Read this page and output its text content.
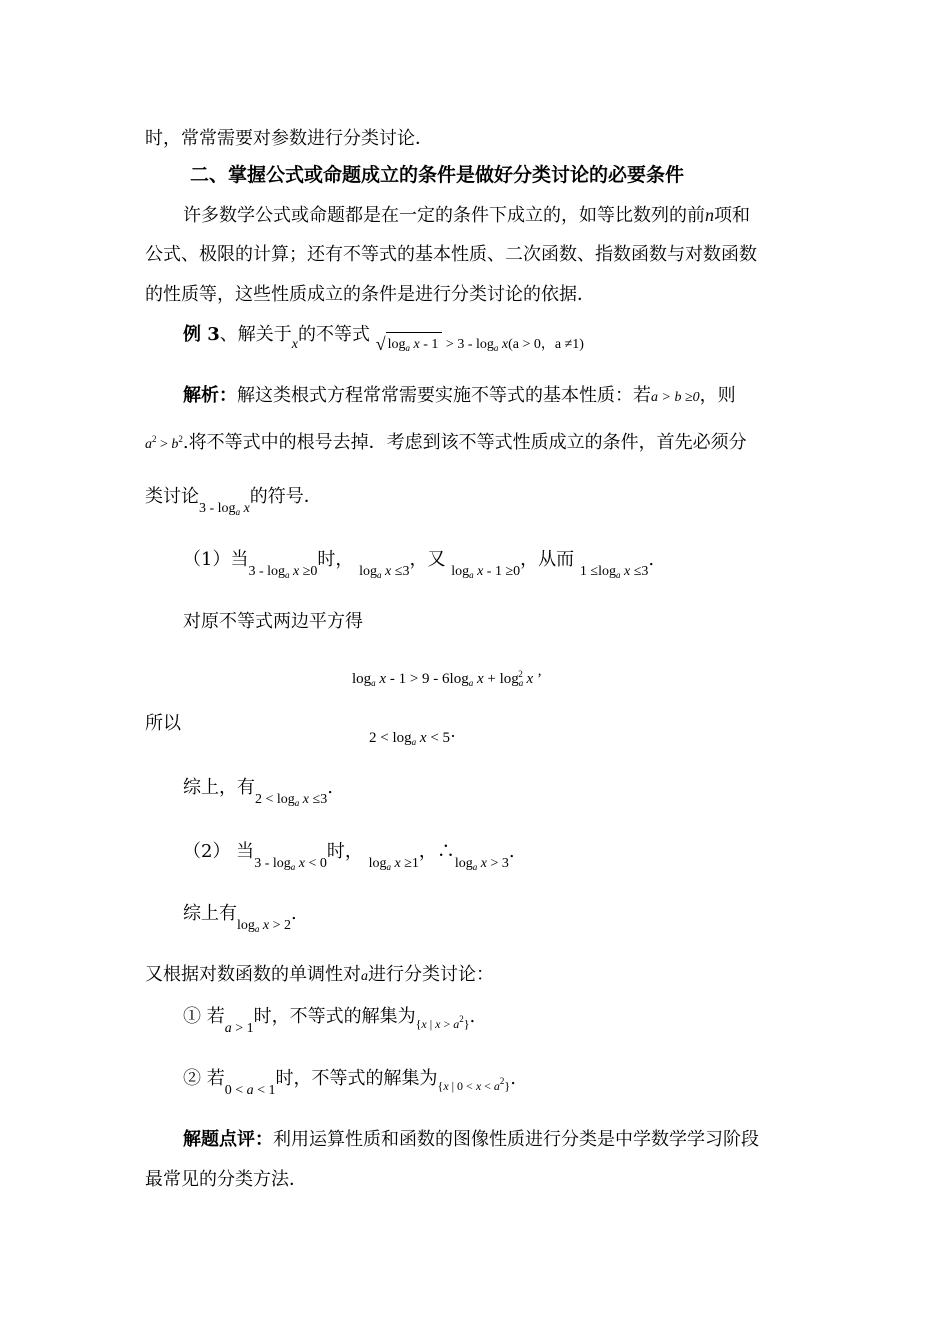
时，常常需要对参数进行分类讨论．
二、掌握公式或命题成立的条件是做好分类讨论的必要条件
许多数学公式或命题都是在一定的条件下成立的，如等比数列的前n项和
公式、极限的计算；还有不等式的基本性质、二次函数、指数函数与对数函数
的性质等，这些性质成立的条件是进行分类讨论的依据．
例 3、解关于$_x$的不等式 $_{√ log_a x - 1 > 3 - log_a x(a > 0,a \ne 1)}$
解析：解这类根式方程常常需要实施不等式的基本性质：若a > b ≥0，则
$a^2 > b^2$.将不等式中的根号去掉．考虑到该不等式性质成立的条件，首先必须分
类讨论$_{3 - log_a x}$的符号．
（1）当$_{3 - log_a x \ge 0}$时， $_{log_a x \le 3}$，又 $_{log_a x - 1 \ge 0}$，从而 $_{1 \le log_a x \le 3}$.
对原不等式两边平方得
$\log_a x - 1 > 9 - 6\log_a$ $x + \log_a^2 x$ ’
所以
$2 < \log_a x < 5\cdot$
综上，有$_{2 < log_a x \le 3}$.
（2） 当$_{3 - log_a x < 0}$时， $_{log_a x \ge 1}$，$\therefore_{log_a x > 3}$.
综上有$_{log_a x > 2}$.
又根据对数函数的单调性对a进行分类讨论：
① 若$_{a > 1}$时，不等式的解集为$_{\{x | x > a^2\}}$.
② 若$_{0 < a < 1}$时，不等式的解集为$_{\{x | 0 < x < a^2\}}$.
解题点评：利用运算性质和函数的图像性质进行分类是中学数学学习阶段
最常见的分类方法．
